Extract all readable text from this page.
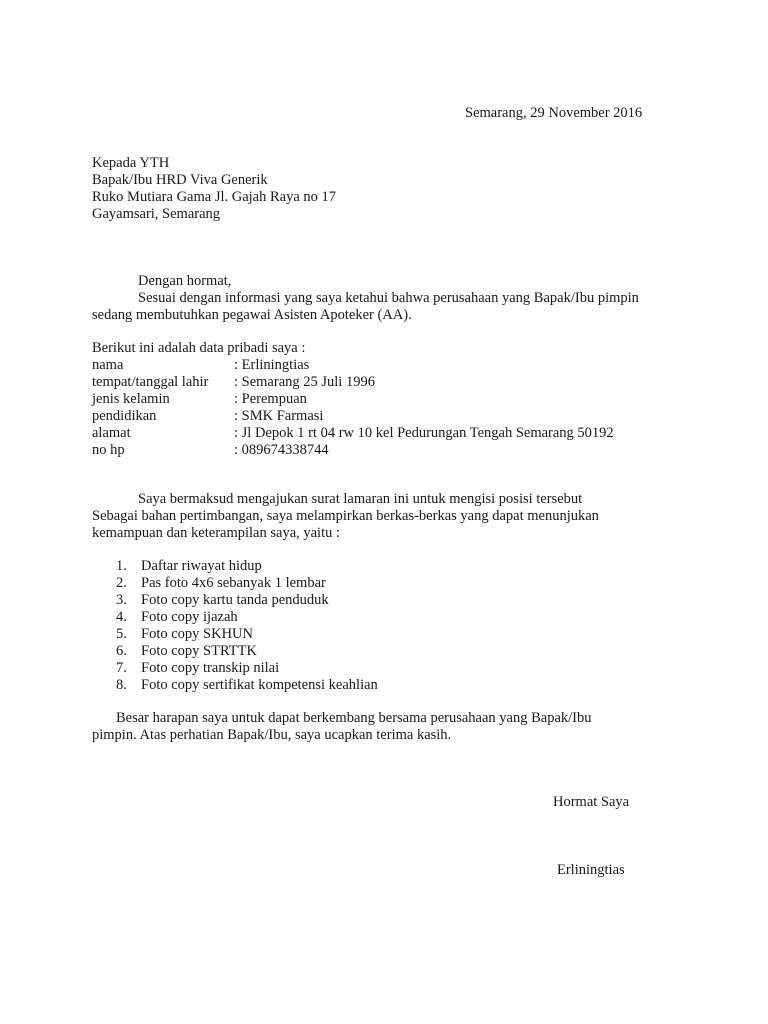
Semarang, 29 November 2016
Kepada YTH
Bapak/Ibu HRD Viva Generik
Ruko Mutiara Gama Jl. Gajah Raya no 17
Gayamsari, Semarang
Dengan hormat,
Sesuai dengan informasi yang saya ketahui bahwa perusahaan yang Bapak/Ibu pimpin
sedang membutuhkan pegawai Asisten Apoteker (AA).
Berikut ini adalah data pribadi saya :
nama	: Erliningtias
tempat/tanggal lahir	: Semarang 25 Juli 1996
jenis kelamin	: Perempuan
pendidikan	: SMK Farmasi
alamat	: Jl Depok 1 rt 04 rw 10 kel Pedurungan Tengah Semarang 50192
no hp	: 089674338744
Saya bermaksud mengajukan surat lamaran ini untuk mengisi posisi tersebut
Sebagai bahan pertimbangan, saya melampirkan berkas-berkas yang dapat menunjukan
kemampuan dan keterampilan saya, yaitu :
1. Daftar riwayat hidup
2. Pas foto 4x6 sebanyak 1 lembar
3. Foto copy kartu tanda penduduk
4. Foto copy ijazah
5. Foto copy SKHUN
6. Foto copy STRTTK
7. Foto copy transkip nilai
8. Foto copy sertifikat kompetensi keahlian
Besar harapan saya untuk dapat berkembang bersama perusahaan yang Bapak/Ibu
pimpin. Atas perhatian Bapak/Ibu, saya ucapkan terima kasih.
Hormat Saya
Erliningtias
